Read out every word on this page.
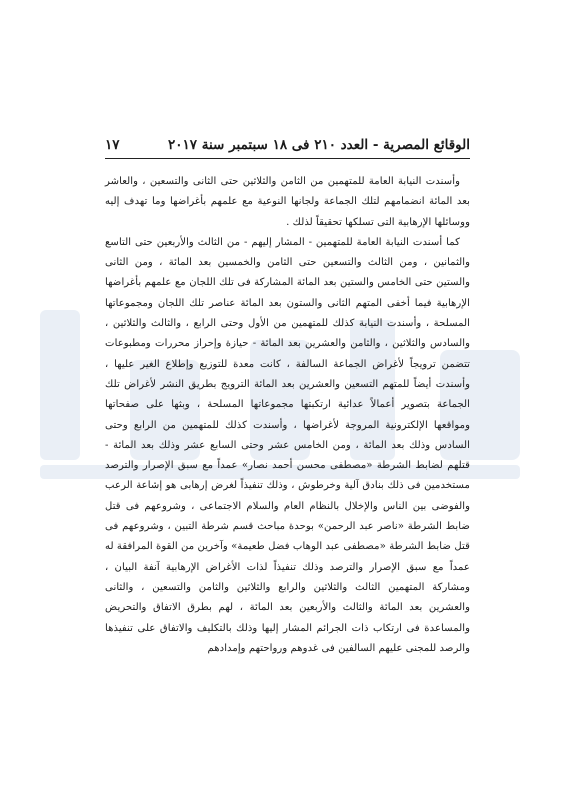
الوقائع المصرية - العدد ٢١٠ فى ١٨ سبتمبر سنة ٢٠١٧
١٧

وأسندت النيابة العامة للمتهمين من الثامن والثلاثين حتى الثانى والتسعين ، والعاشر بعد المائة انضمامهم لتلك الجماعة ولجانها النوعية مع علمهم بأغراضها وما تهدف إليه ووسائلها الإرهابية التى تسلكها تحقيقاً لذلك .

كما أسندت النيابة العامة للمتهمين - المشار إليهم - من الثالث والأربعين حتى التاسع والثمانين ، ومن الثالث والتسعين حتى الثامن والخمسين بعد المائة ، ومن الثانى والستين حتى الخامس والستين بعد المائة المشاركة فى تلك اللجان مع علمهم بأغراضها الإرهابية فيما أخفى المتهم الثانى والستون بعد المائة عناصر تلك اللجان ومجموعاتها المسلحة ، وأسندت النيابة كذلك للمتهمين من الأول وحتى الرابع ، والثالث والثلاثين ، والسادس والثلاثين ، والثامن والعشرين بعد المائة - حيازة وإحراز محررات ومطبوعات تتضمن ترويجاً لأغراض الجماعة السالفة ، كانت معدة للتوزيع وإطلاع الغير عليها ، وأسندت أيضاً للمتهم التسعين والعشرين بعد المائة الترويج بطريق النشر لأغراض تلك الجماعة بتصوير أعمالاً عدائية ارتكبتها مجموعاتها المسلحة ، وبثها على صفحاتها ومواقعها الإلكترونية المروجة لأغراضها ، وأسندت كذلك للمتهمين من الرابع وحتى السادس وذلك بعد المائة ، ومن الخامس عشر وحتى السابع عشر وذلك بعد المائة - قتلهم لضابط الشرطة «مصطفى محسن أحمد نصار» عمداً مع سبق الإصرار والترصد مستخدمين فى ذلك بنادق آلية وخرطوش ، وذلك تنفيذاً لغرض إرهابى هو إشاعة الرعب والفوضى بين الناس والإخلال بالنظام العام والسلام الاجتماعى ، وشروعهم فى قتل ضابط الشرطة «ناصر عبد الرحمن» بوحدة مباحث قسم شرطة التبين ، وشروعهم فى قتل ضابط الشرطة «مصطفى عبد الوهاب فضل طعيمة» وآخرين من القوة المرافقة له عمداً مع سبق الإصرار والترصد وذلك تنفيذاً لذات الأغراض الإرهابية آنفة البيان ، ومشاركة المتهمين الثالث والثلاثين والرابع والثلاثين والثامن والتسعين ، والثانى والعشرين بعد المائة والثالث والأربعين بعد المائة ، لهم بطرق الاتفاق والتحريض والمساعدة فى ارتكاب ذات الجرائم المشار إليها وذلك بالتكليف والاتفاق على تنفيذها والرصد للمجنى عليهم السالفين فى غدوهم ورواحتهم وإمدادهم
